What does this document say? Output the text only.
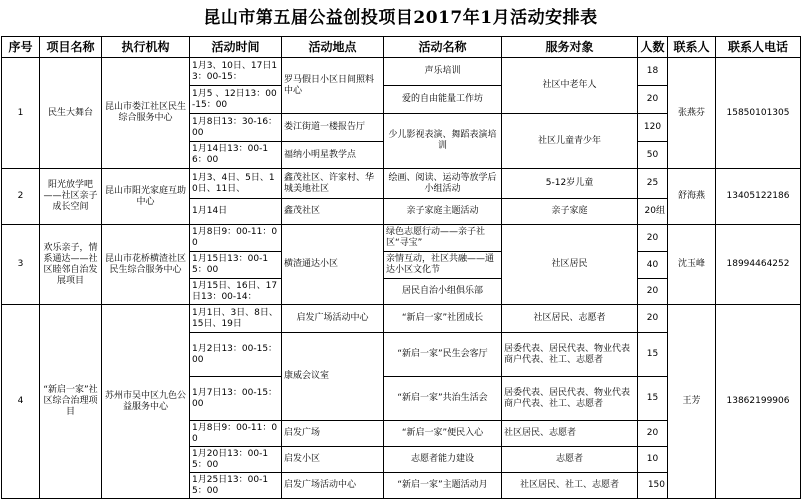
昆山市第五届公益创投项目2017年1月活动安排表
序号	项目名称	执行机构	活动时间	活动地点	活动名称	服务对象	人数	联系人	联系人电话
1	民生大舞台	昆山市娄江社区民生综合服务中心	1月3、10日、17日13：00-15：	罗马假日小区日间照料中心	声乐培训	社区中老年人	18	张燕芬	15850101305
			1月5 、12日13：00-15：00		爱的自由能量工作坊		20		
			1月8日13：30-16：00	娄江街道一楼报告厅	少儿影视表演、舞蹈表演培训	社区儿童青少年	120		
			1月14日13：00-16：00	福纳小明星教学点			50		
2	阳光放学吧——社区亲子成长空间	昆山市阳光家庭互助中心	1月3、4日、5日、10日、11日、	鑫茂社区、许家村、华城美地社区	绘画、阅读、运动等放学后小组活动	5-12岁儿童	25	舒海燕	13405122186
			1月14日	鑫茂社区	亲子家庭主题活动	亲子家庭	20组		
3	欢乐亲子，情系通达——社区睦邻自治发展项目	昆山市花桥横渣社区民生综合服务中心	1月8日9：00-11：00	横渣通达小区	绿色志愿行动——亲子社区“寻宝”	社区居民	20	沈玉峰	18994464252
			1月15日13：00-15：00		亲情互动，社区共融——通达小区文化节		40		
			1月15日、16日、17日13：00-14：		居民自治小组俱乐部		20		
4	“新启一家”社区综合治理项目	苏州市吴中区九色公益服务中心	1月1日、3日、8日、15日、19日	启发广场活动中心	“新启一家”社团成长	社区居民、志愿者	20	王芳	13862199906
			1月2日13：00-15：00	康威会议室	“新启一家”民生会客厅	居委代表、居民代表、物业代表商户代表、社工、志愿者	15		
			1月7日13：00-15：00		“新启一家”共治生活会	居委代表、居民代表、物业代表商户代表、社工、志愿者	15		
			1月8日9：00-11：00	启发广场	“新启一家”便民入心	社区居民、志愿者	20		
			1月20日13：00-15：00	启发小区	志愿者能力建设	志愿者	10		
			1月25日13：00-15：00	启发广场活动中心	“新启一家”主题活动月	社区居民、社工、志愿者	150		
